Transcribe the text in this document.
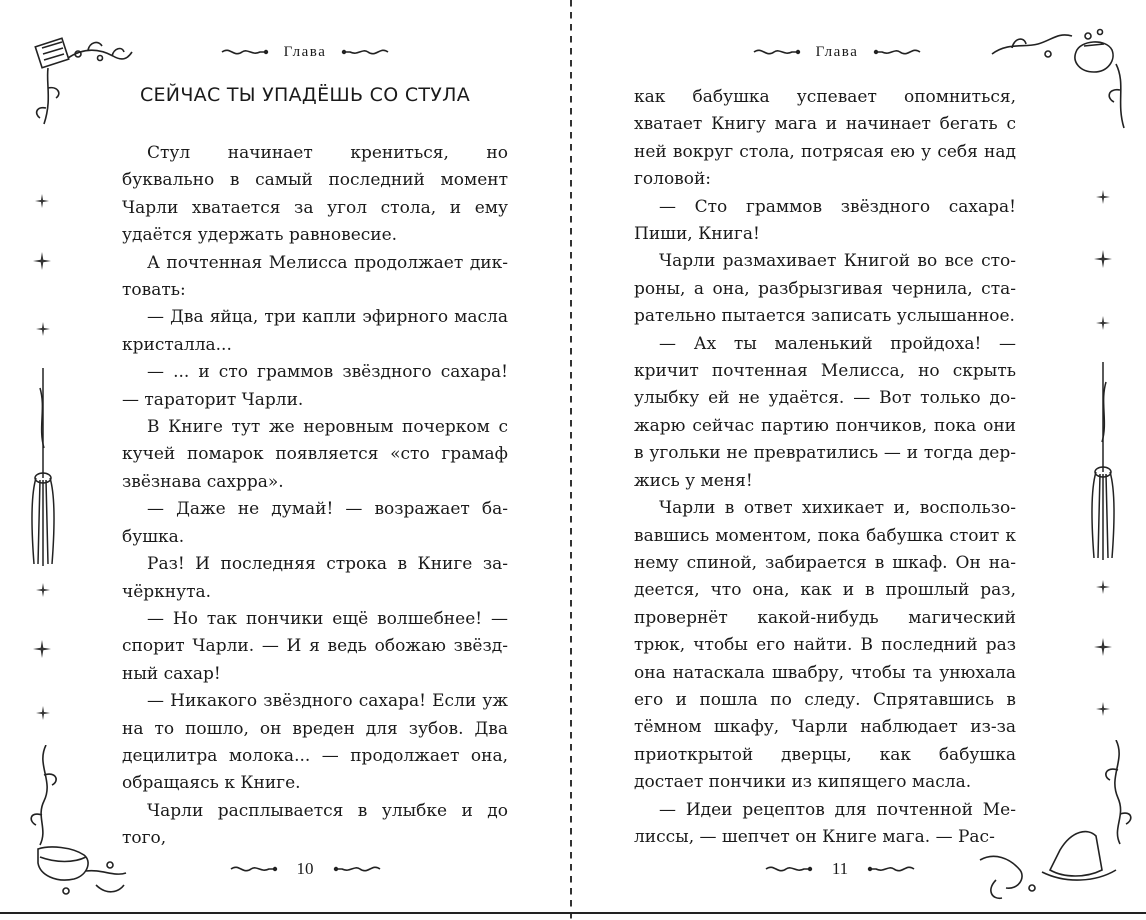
Глава
СЕЙЧАС ТЫ УПАДЁШЬ СО СТУЛА

Стул начинает крениться, но буквально в самый последний момент Чарли хватается за угол стола, и ему удаётся удержать равновесие.

А почтенная Мелисса продолжает диктовать:

— Два яйца, три капли эфирного масла кристалла...

— ... и сто граммов звёздного сахара! — тараторит Чарли.

В Книге тут же неровным почерком с кучей помарок появляется «сто грамаф звёзнава сахрра».

— Даже не думай! — возражает бабушка.

Раз! И последняя строка в Книге зачёркнута.

— Но так пончики ещё волшебнее! — спорит Чарли. — И я ведь обожаю звёздный сахар!

— Никакого звёздного сахара! Если уж на то пошло, он вреден для зубов. Два децилитра молока... — продолжает она, обращаясь к Книге.

Чарли расплывается в улыбке и до того,

10
Глава

как бабушка успевает опомниться, хватает Книгу мага и начинает бегать с ней вокруг стола, потрясая ею у себя над головой:

— Сто граммов звёздного сахара! Пиши, Книга!

Чарли размахивает Книгой во все стороны, а она, разбрызгивая чернила, старательно пытается записать услышанное.

— Ах ты маленький пройдоха! — кричит почтенная Мелисса, но скрыть улыбку ей не удаётся. — Вот только дожарю сейчас партию пончиков, пока они в угольки не превратились — и тогда держись у меня!

Чарли в ответ хихикает и, воспользовавшись моментом, пока бабушка стоит к нему спиной, забирается в шкаф. Он надеется, что она, как и в прошлый раз, провернёт какой-нибудь магический трюк, чтобы его найти. В последний раз она натаскала швабру, чтобы та унюхала его и пошла по следу. Спрятавшись в тёмном шкафу, Чарли наблюдает из-за приоткрытой дверцы, как бабушка достает пончики из кипящего масла.

— Идеи рецептов для почтенной Мелиссы, — шепчет он Книге мага. — Рас-

11
